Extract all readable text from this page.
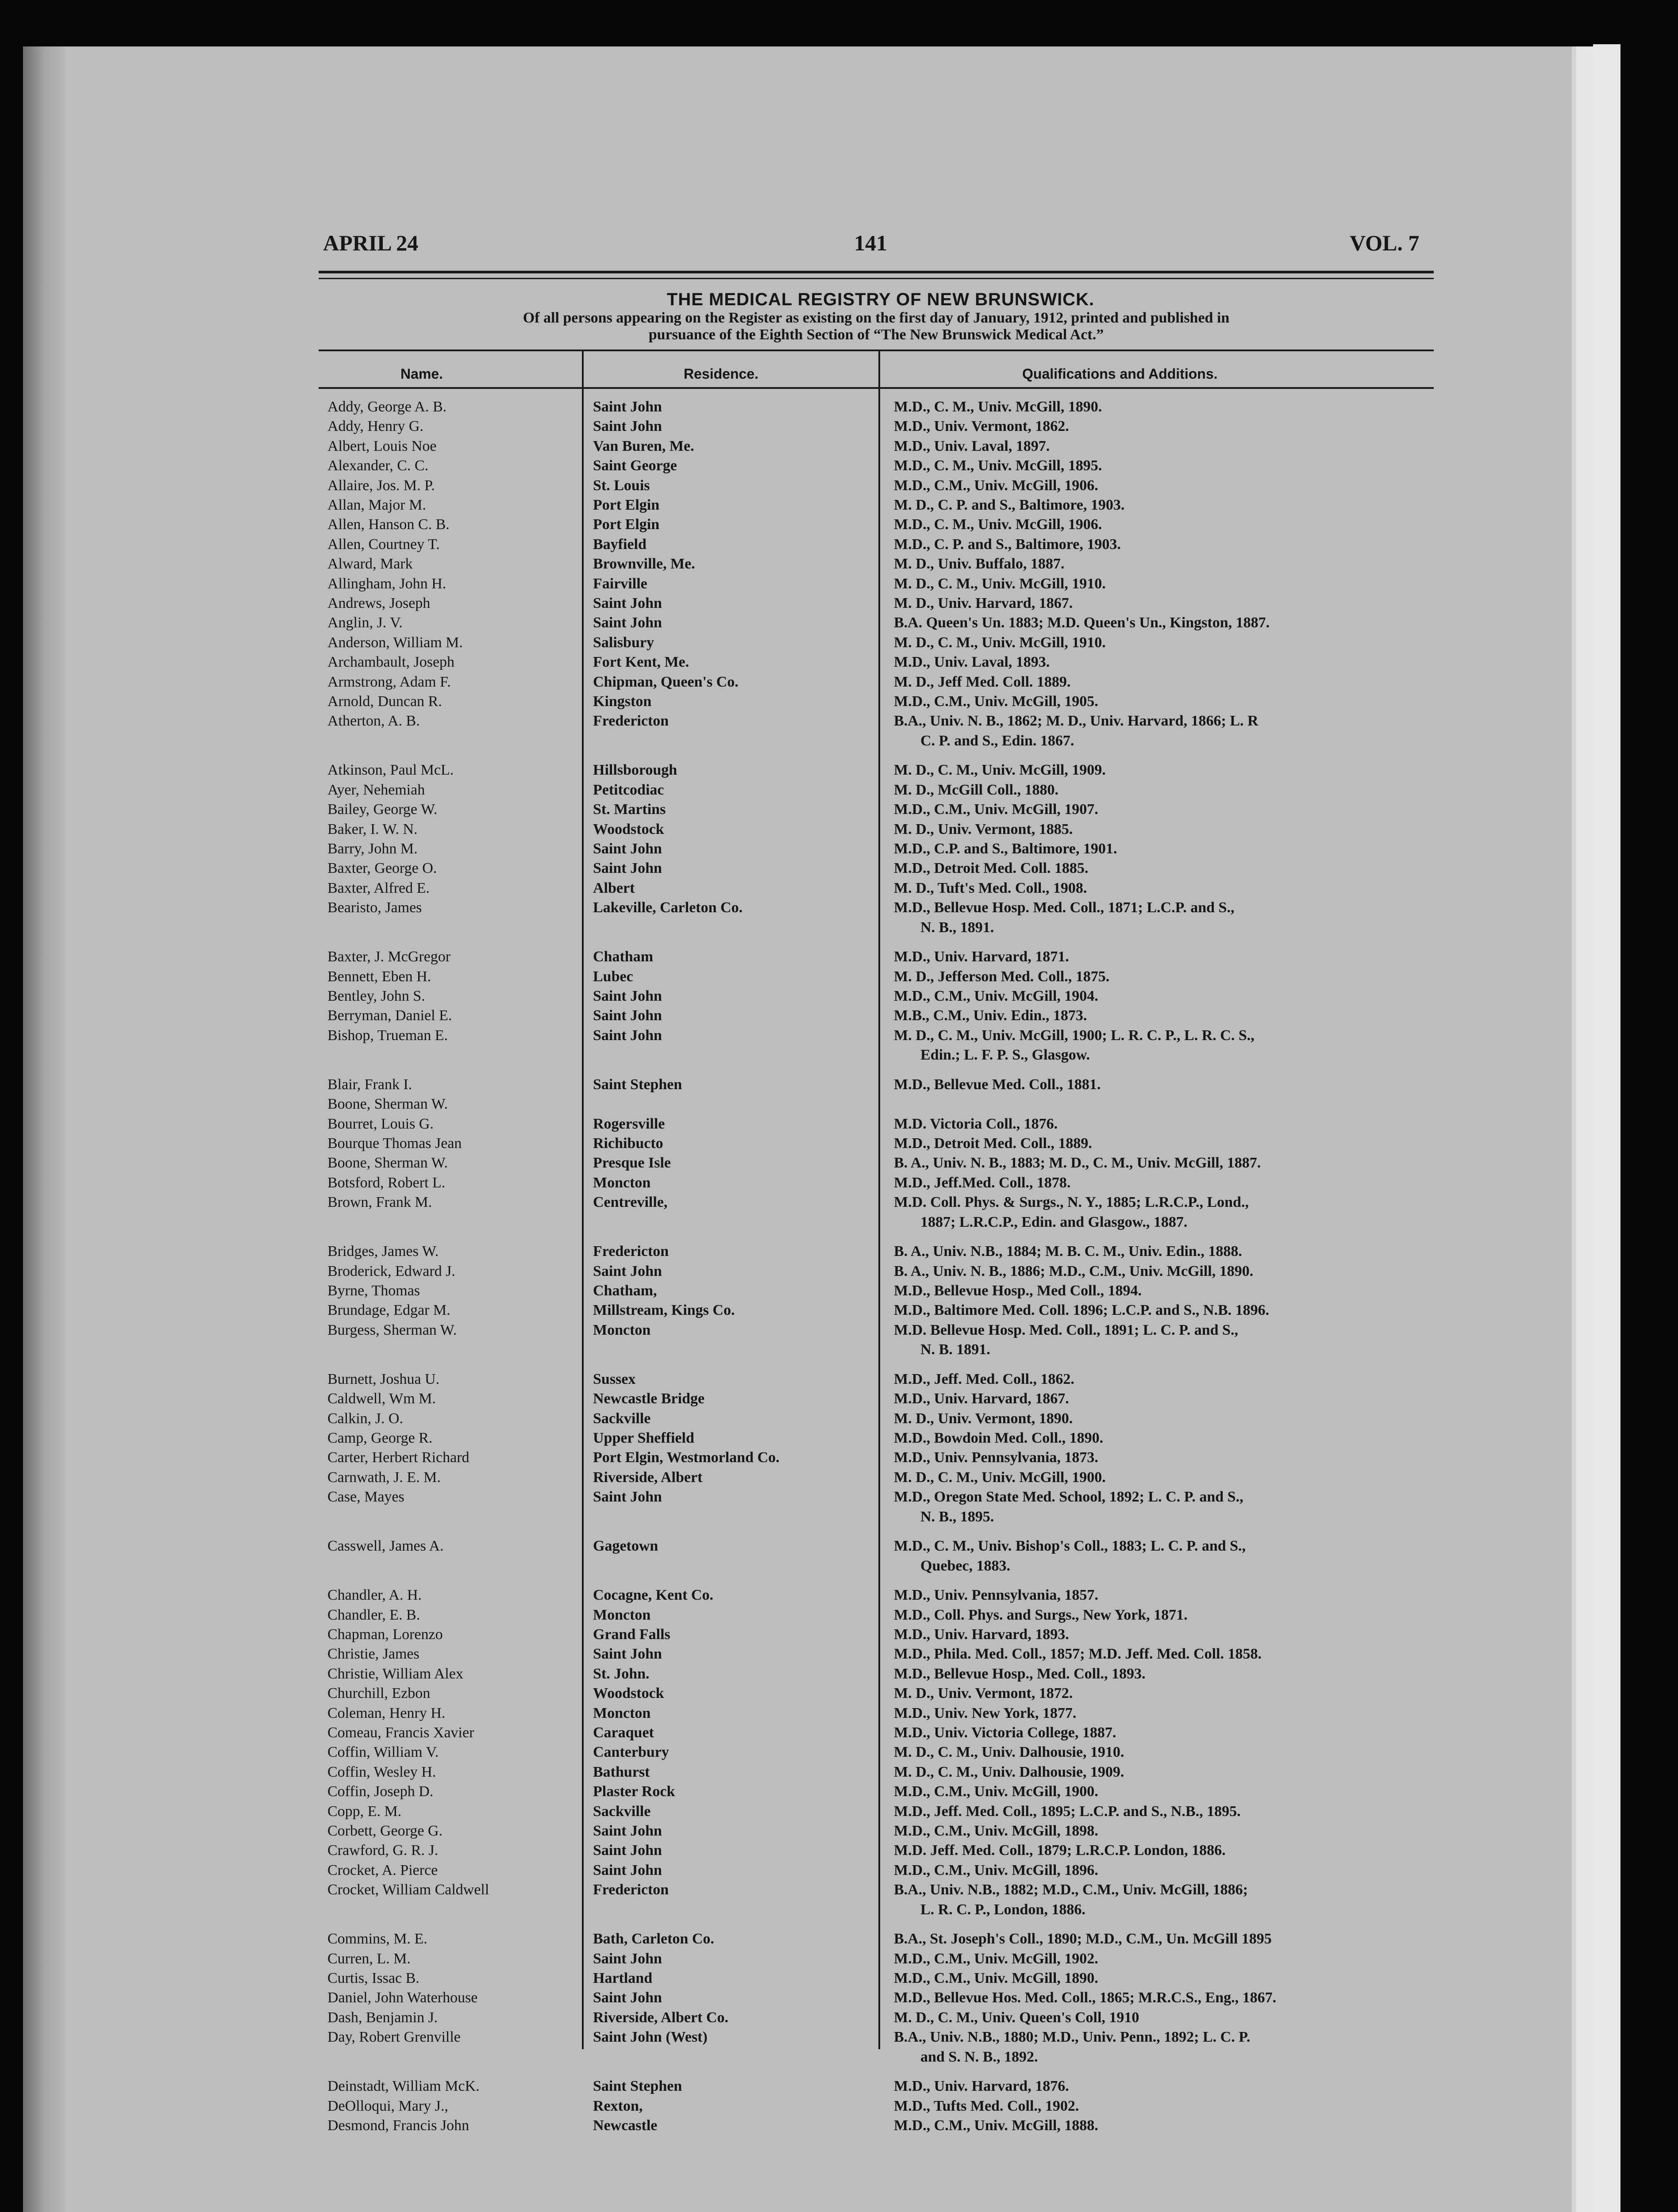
APRIL 24	141	VOL. 7
THE MEDICAL REGISTRY OF NEW BRUNSWICK.
Of all persons appearing on the Register as existing on the first day of January, 1912, printed and published in
pursuance of the Eighth Section of “The New Brunswick Medical Act.”
Name.	Residence.	Qualifications and Additions.
Addy, George A. B.	Saint John	M.D., C. M., Univ. McGill, 1890.
Addy, Henry G.	Saint John	M.D., Univ. Vermont, 1862.
Albert, Louis Noe	Van Buren, Me.	M.D., Univ. Laval, 1897.
Alexander, C. C.	Saint George	M.D., C. M., Univ. McGill, 1895.
Allaire, Jos. M. P.	St. Louis	M.D., C.M., Univ. McGill, 1906.
Allan, Major M.	Port Elgin	M. D., C. P. and S., Baltimore, 1903.
Allen, Hanson C. B.	Port Elgin	M.D., C. M., Univ. McGill, 1906.
Allen, Courtney T.	Bayfield	M.D., C. P. and S., Baltimore, 1903.
Alward, Mark	Brownville, Me.	M. D., Univ. Buffalo, 1887.
Allingham, John H.	Fairville	M. D., C. M., Univ. McGill, 1910.
Andrews, Joseph	Saint John	M. D., Univ. Harvard, 1867.
Anglin, J. V.	Saint John	B.A. Queen's Un. 1883; M.D. Queen's Un., Kingston, 1887.
Anderson, William M.	Salisbury	M. D., C. M., Univ. McGill, 1910.
Archambault, Joseph	Fort Kent, Me.	M.D., Univ. Laval, 1893.
Armstrong, Adam F.	Chipman, Queen's Co.	M. D., Jeff Med. Coll. 1889.
Arnold, Duncan R.	Kingston	M.D., C.M., Univ. McGill, 1905.
Atherton, A. B.	Fredericton	B.A., Univ. N. B., 1862; M. D., Univ. Harvard, 1866; L. R
C. P. and S., Edin. 1867.
Atkinson, Paul McL.	Hillsborough	M. D., C. M., Univ. McGill, 1909.
Ayer, Nehemiah	Petitcodiac	M. D., McGill Coll., 1880.
Bailey, George W.	St. Martins	M.D., C.M., Univ. McGill, 1907.
Baker, I. W. N.	Woodstock	M. D., Univ. Vermont, 1885.
Barry, John M.	Saint John	M.D., C.P. and S., Baltimore, 1901.
Baxter, George O.	Saint John	M.D., Detroit Med. Coll. 1885.
Baxter, Alfred E.	Albert	M. D., Tuft's Med. Coll., 1908.
Bearisto, James	Lakeville, Carleton Co.	M.D., Bellevue Hosp. Med. Coll., 1871; L.C.P. and S.,
N. B., 1891.
Baxter, J. McGregor	Chatham	M.D., Univ. Harvard, 1871.
Bennett, Eben H.	Lubec	M. D., Jefferson Med. Coll., 1875.
Bentley, John S.	Saint John	M.D., C.M., Univ. McGill, 1904.
Berryman, Daniel E.	Saint John	M.B., C.M., Univ. Edin., 1873.
Bishop, Trueman E.	Saint John	M. D., C. M., Univ. McGill, 1900; L. R. C. P., L. R. C. S.,
Edin.; L. F. P. S., Glasgow.
Blair, Frank I.	Saint Stephen	M.D., Bellevue Med. Coll., 1881.
Boone, Sherman W.
Bourret, Louis G.	Rogersville	M.D. Victoria Coll., 1876.
Bourque Thomas Jean	Richibucto	M.D., Detroit Med. Coll., 1889.
Boone, Sherman W.	Presque Isle	B. A., Univ. N. B., 1883; M. D., C. M., Univ. McGill, 1887.
Botsford, Robert L.	Moncton	M.D., Jeff.Med. Coll., 1878.
Brown, Frank M.	Centreville,	M.D. Coll. Phys. & Surgs., N. Y., 1885; L.R.C.P., Lond.,
1887; L.R.C.P., Edin. and Glasgow., 1887.
Bridges, James W.	Fredericton	B. A., Univ. N.B., 1884; M. B. C. M., Univ. Edin., 1888.
Broderick, Edward J.	Saint John	B. A., Univ. N. B., 1886; M.D., C.M., Univ. McGill, 1890.
Byrne, Thomas	Chatham,	M.D., Bellevue Hosp., Med Coll., 1894.
Brundage, Edgar M.	Millstream, Kings Co.	M.D., Baltimore Med. Coll. 1896; L.C.P. and S., N.B. 1896.
Burgess, Sherman W.	Moncton	M.D. Bellevue Hosp. Med. Coll., 1891; L. C. P. and S.,
N. B. 1891.
Burnett, Joshua U.	Sussex	M.D., Jeff. Med. Coll., 1862.
Caldwell, Wm M.	Newcastle Bridge	M.D., Univ. Harvard, 1867.
Calkin, J. O.	Sackville	M. D., Univ. Vermont, 1890.
Camp, George R.	Upper Sheffield	M.D., Bowdoin Med. Coll., 1890.
Carter, Herbert Richard	Port Elgin, Westmorland Co.	M.D., Univ. Pennsylvania, 1873.
Carnwath, J. E. M.	Riverside, Albert	M. D., C. M., Univ. McGill, 1900.
Case, Mayes	Saint John	M.D., Oregon State Med. School, 1892; L. C. P. and S.,
N. B., 1895.
Casswell, James A.	Gagetown	M.D., C. M., Univ. Bishop's Coll., 1883; L. C. P. and S.,
Quebec, 1883.
Chandler, A. H.	Cocagne, Kent Co.	M.D., Univ. Pennsylvania, 1857.
Chandler, E. B.	Moncton	M.D., Coll. Phys. and Surgs., New York, 1871.
Chapman, Lorenzo	Grand Falls	M.D., Univ. Harvard, 1893.
Christie, James	Saint John	M.D., Phila. Med. Coll., 1857; M.D. Jeff. Med. Coll. 1858.
Christie, William Alex	St. John.	M.D., Bellevue Hosp., Med. Coll., 1893.
Churchill, Ezbon	Woodstock	M. D., Univ. Vermont, 1872.
Coleman, Henry H.	Moncton	M.D., Univ. New York, 1877.
Comeau, Francis Xavier	Caraquet	M.D., Univ. Victoria College, 1887.
Coffin, William V.	Canterbury	M. D., C. M., Univ. Dalhousie, 1910.
Coffin, Wesley H.	Bathurst	M. D., C. M., Univ. Dalhousie, 1909.
Coffin, Joseph D.	Plaster Rock	M.D., C.M., Univ. McGill, 1900.
Copp, E. M.	Sackville	M.D., Jeff. Med. Coll., 1895; L.C.P. and S., N.B., 1895.
Corbett, George G.	Saint John	M.D., C.M., Univ. McGill, 1898.
Crawford, G. R. J.	Saint John	M.D. Jeff. Med. Coll., 1879; L.R.C.P. London, 1886.
Crocket, A. Pierce	Saint John	M.D., C.M., Univ. McGill, 1896.
Crocket, William Caldwell	Fredericton	B.A., Univ. N.B., 1882; M.D., C.M., Univ. McGill, 1886;
L. R. C. P., London, 1886.
Commins, M. E.	Bath, Carleton Co.	B.A., St. Joseph's Coll., 1890; M.D., C.M., Un. McGill 1895
Curren, L. M.	Saint John	M.D., C.M., Univ. McGill, 1902.
Curtis, Issac B.	Hartland	M.D., C.M., Univ. McGill, 1890.
Daniel, John Waterhouse	Saint John	M.D., Bellevue Hos. Med. Coll., 1865; M.R.C.S., Eng., 1867.
Dash, Benjamin J.	Riverside, Albert Co.	M. D., C. M., Univ. Queen's Coll, 1910
Day, Robert Grenville	Saint John (West)	B.A., Univ. N.B., 1880; M.D., Univ. Penn., 1892; L. C. P.
and S. N. B., 1892.
Deinstadt, William McK.	Saint Stephen	M.D., Univ. Harvard, 1876.
DeOlloqui, Mary J.,	Rexton,	M.D., Tufts Med. Coll., 1902.
Desmond, Francis John	Newcastle	M.D., C.M., Univ. McGill, 1888.
